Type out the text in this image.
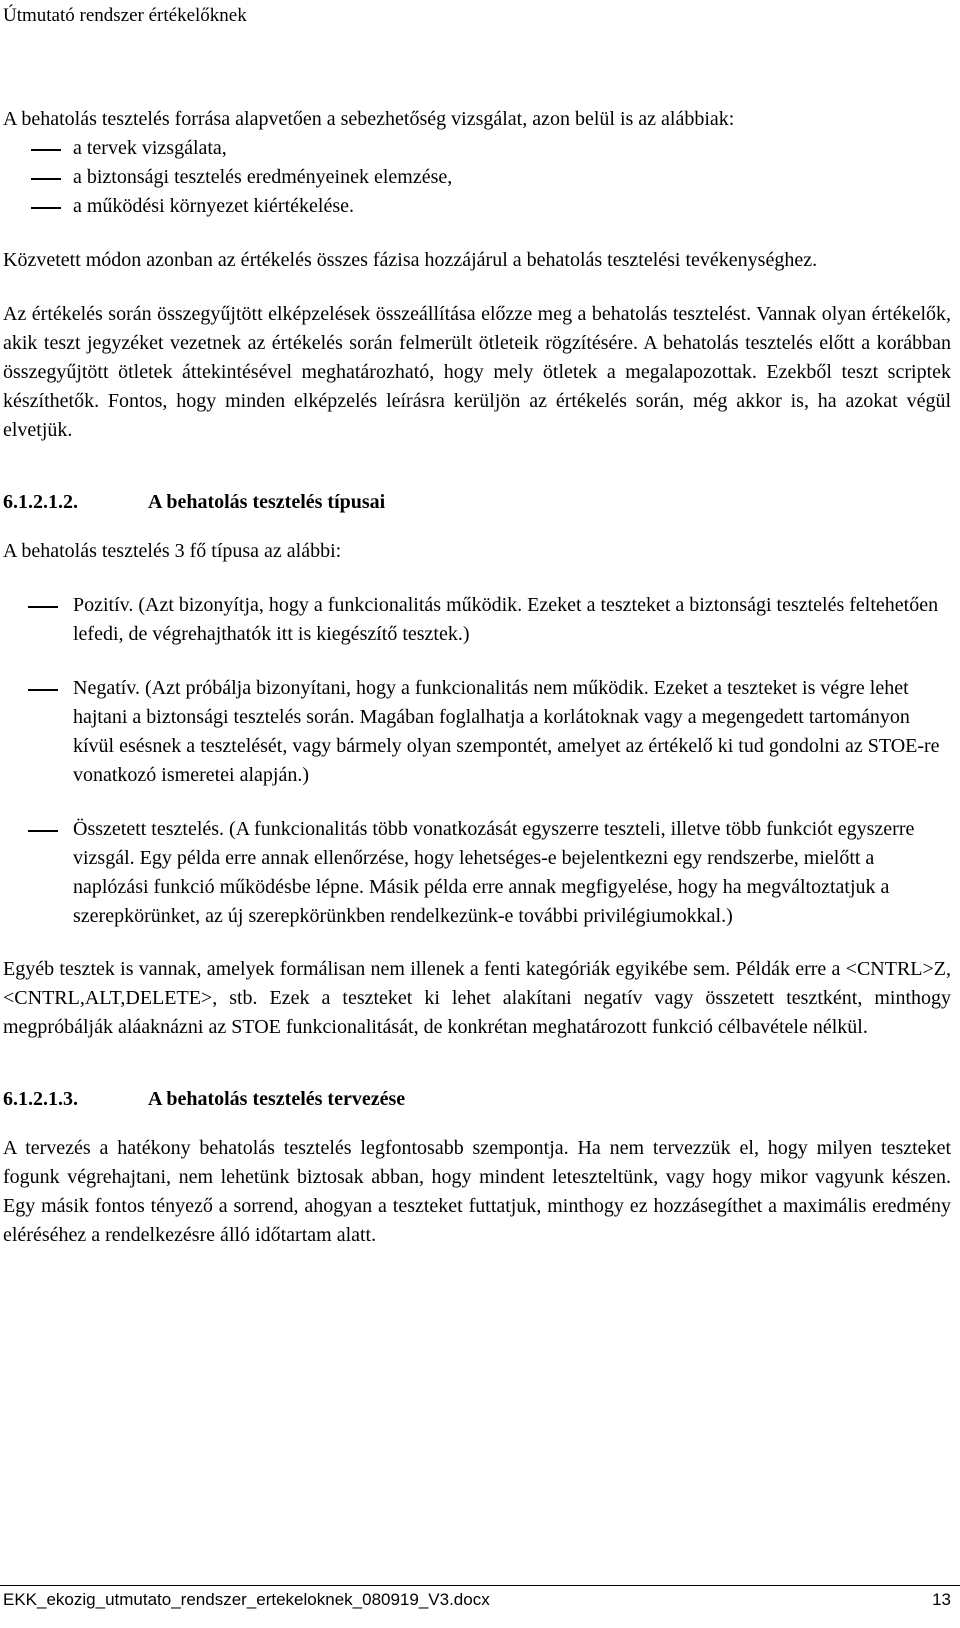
Útmutató rendszer értékelőknek

A behatolás tesztelés forrása alapvetően a sebezhetőség vizsgálat, azon belül is az alábbiak:

a tervek vizsgálata,
a biztonsági tesztelés eredményeinek elemzése,
a működési környezet kiértékelése.

Közvetett módon azonban az értékelés összes fázisa hozzájárul a behatolás tesztelési tevékenységhez.

Az értékelés során összegyűjtött elképzelések összeállítása előzze meg a behatolás tesztelést. Vannak olyan értékelők, akik teszt jegyzéket vezetnek az értékelés során felmerült ötleteik rögzítésére. A behatolás tesztelés előtt a korábban összegyűjtött ötletek áttekintésével meghatározható, hogy mely ötletek a megalapozottak. Ezekből teszt scriptek készíthetők. Fontos, hogy minden elképzelés leírásra kerüljön az értékelés során, még akkor is, ha azokat végül elvetjük.

6.1.2.1.2.	A behatolás tesztelés típusai

A behatolás tesztelés 3 fő típusa az alábbi:

Pozitív. (Azt bizonyítja, hogy a funkcionalitás működik. Ezeket a teszteket a biztonsági tesztelés feltehetően lefedi, de végrehajthatók itt is kiegészítő tesztek.)
Negatív. (Azt próbálja bizonyítani, hogy a funkcionalitás nem működik. Ezeket a teszteket is végre lehet hajtani a biztonsági tesztelés során. Magában foglalhatja a korlátoknak vagy a megengedett tartományon kívül esésnek a tesztelését, vagy bármely olyan szempontét, amelyet az értékelő ki tud gondolni az STOE-re vonatkozó ismeretei alapján.)
Összetett tesztelés. (A funkcionalitás több vonatkozását egyszerre teszteli, illetve több funkciót egyszerre vizsgál. Egy példa erre annak ellenőrzése, hogy lehetséges-e bejelentkezni egy rendszerbe, mielőtt a naplózási funkció működésbe lépne. Másik példa erre annak megfigyelése, hogy ha megváltoztatjuk a szerepkörünket, az új szerepkörünkben rendelkezünk-e további privilégiumokkal.)

Egyéb tesztek is vannak, amelyek formálisan nem illenek a fenti kategóriák egyikébe sem. Példák erre a <CNTRL>Z, <CNTRL,ALT,DELETE>, stb. Ezek a teszteket ki lehet alakítani negatív vagy összetett tesztként, minthogy megpróbálják aláaknázni az STOE funkcionalitását, de konkrétan meghatározott funkció célbavétele nélkül.

6.1.2.1.3.	A behatolás tesztelés tervezése

A tervezés a hatékony behatolás tesztelés legfontosabb szempontja. Ha nem tervezzük el, hogy milyen teszteket fogunk végrehajtani, nem lehetünk biztosak abban, hogy mindent leteszteltünk, vagy hogy mikor vagyunk készen. Egy másik fontos tényező a sorrend, ahogyan a teszteket futtatjuk, minthogy ez hozzásegíthet a maximális eredmény eléréséhez a rendelkezésre álló időtartam alatt.

EKK_ekozig_utmutato_rendszer_ertekeloknek_080919_V3.docx	13
